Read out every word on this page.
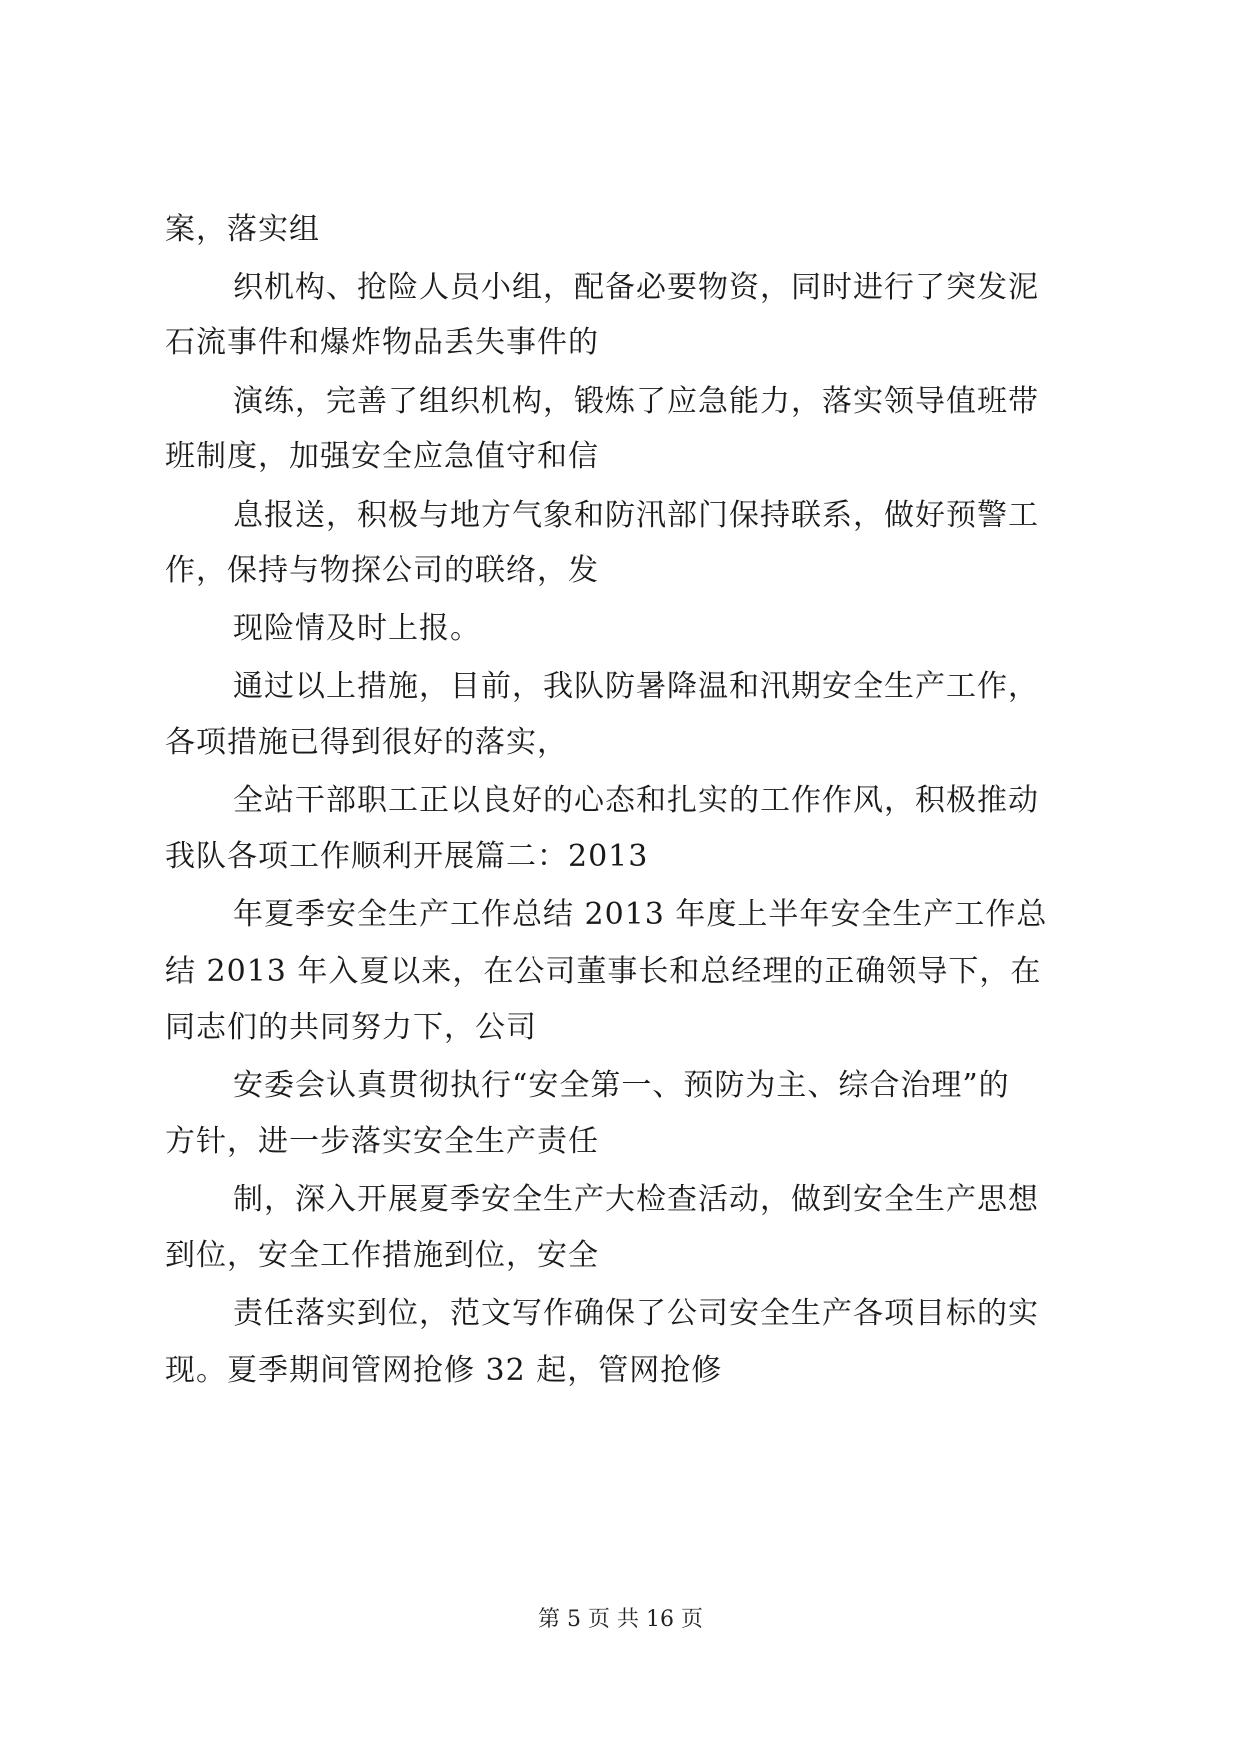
案，落实组
织机构、抢险人员小组，配备必要物资，同时进行了突发泥
石流事件和爆炸物品丢失事件的
演练，完善了组织机构，锻炼了应急能力，落实领导值班带
班制度，加强安全应急值守和信
息报送，积极与地方气象和防汛部门保持联系，做好预警工
作，保持与物探公司的联络，发
现险情及时上报。
通过以上措施，目前，我队防暑降温和汛期安全生产工作，
各项措施已得到很好的落实，
全站干部职工正以良好的心态和扎实的工作作风，积极推动
我队各项工作顺利开展篇二：2013
年夏季安全生产工作总结 2013 年度上半年安全生产工作总
结 2013 年入夏以来，在公司董事长和总经理的正确领导下，在
同志们的共同努力下，公司
安委会认真贯彻执行“安全第一、预防为主、综合治理”的
方针，进一步落实安全生产责任
制，深入开展夏季安全生产大检查活动，做到安全生产思想
到位，安全工作措施到位，安全
责任落实到位，范文写作确保了公司安全生产各项目标的实
现。夏季期间管网抢修 32 起，管网抢修
第 5 页 共 16 页
